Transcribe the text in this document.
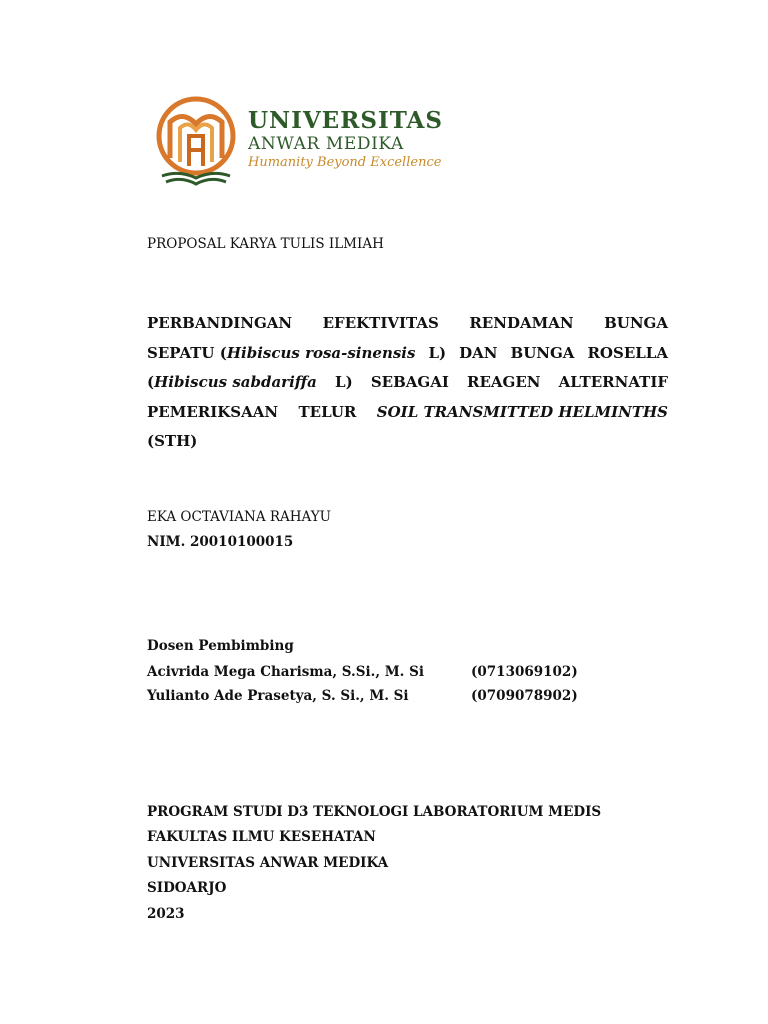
UNIVERSITAS
ANWAR MEDIKA
Humanity Beyond Excellence
PROPOSAL KARYA TULIS ILMIAH
PERBANDINGAN EFEKTIVITAS RENDAMAN BUNGA
SEPATU (Hibiscus rosa-sinensis L) DAN BUNGA ROSELLA
(Hibiscus sabdariffa L) SEBAGAI REAGEN ALTERNATIF
PEMERIKSAAN TELUR SOIL TRANSMITTED HELMINTHS
(STH)
EKA OCTAVIANA RAHAYU
NIM. 20010100015
Dosen Pembimbing
Acivrida Mega Charisma, S.Si., M. Si	(0713069102)
Yulianto Ade Prasetya, S. Si., M. Si	(0709078902)
PROGRAM STUDI D3 TEKNOLOGI LABORATORIUM MEDIS
FAKULTAS ILMU KESEHATAN
UNIVERSITAS ANWAR MEDIKA
SIDOARJO
2023
